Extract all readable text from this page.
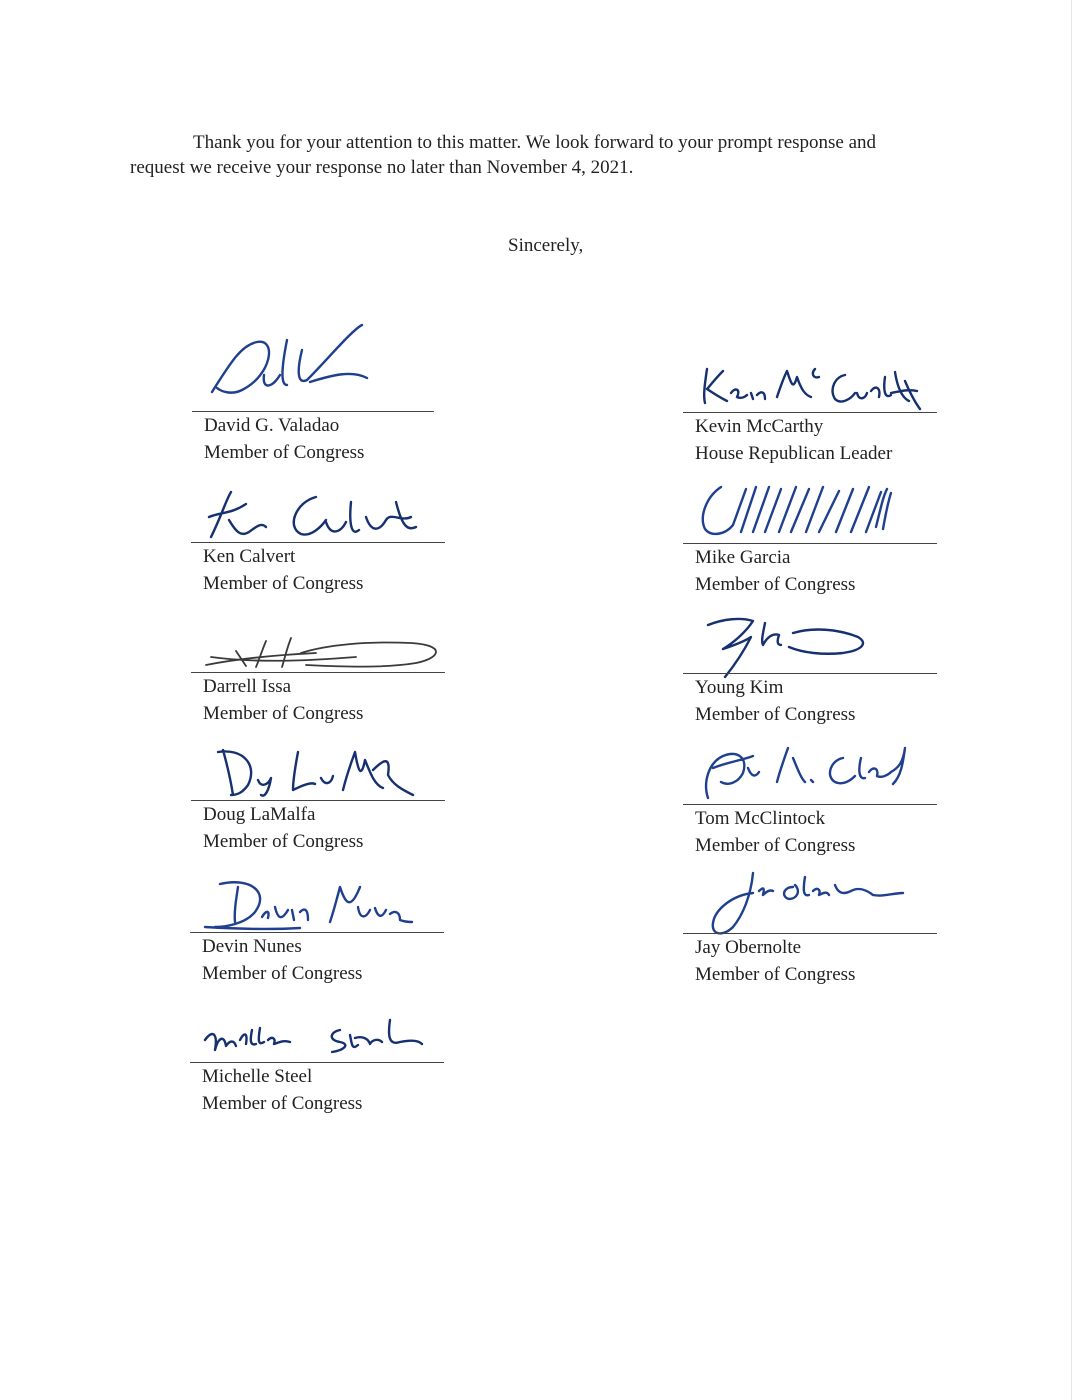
Thank you for your attention to this matter. We look forward to your prompt response and request we receive your response no later than November 4, 2021.

Sincerely,
David G. Valadao
Member of Congress
Ken Calvert
Member of Congress
Darrell Issa
Member of Congress
Doug LaMalfa
Member of Congress
Devin Nunes
Member of Congress
Michelle Steel
Member of Congress
Kevin McCarthy
House Republican Leader
Mike Garcia
Member of Congress
Young Kim
Member of Congress
Tom McClintock
Member of Congress
Jay Obernolte
Member of Congress
